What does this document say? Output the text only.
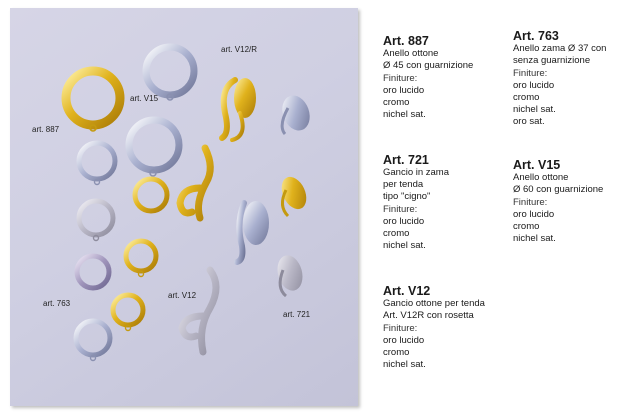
art. 887
art. 763
art. V15
art. V12/R
art. V12
art. 721
Art. 887
Anello ottone
Ø 45 con guarnizione
Finiture:
oro lucido
cromo
nichel sat.
Art. 763
Anello zama Ø 37 con
senza guarnizione
Finiture:
oro lucido
cromo
nichel sat.
oro sat.
Art. 721
Gancio in zama
per tenda
tipo "cigno"
Finiture:
oro lucido
cromo
nichel sat.
Art. V15
Anello ottone
Ø 60 con guarnizione
Finiture:
oro lucido
cromo
nichel sat.
Art. V12
Gancio ottone per tenda
Art. V12R con rosetta
Finiture:
oro lucido
cromo
nichel sat.
